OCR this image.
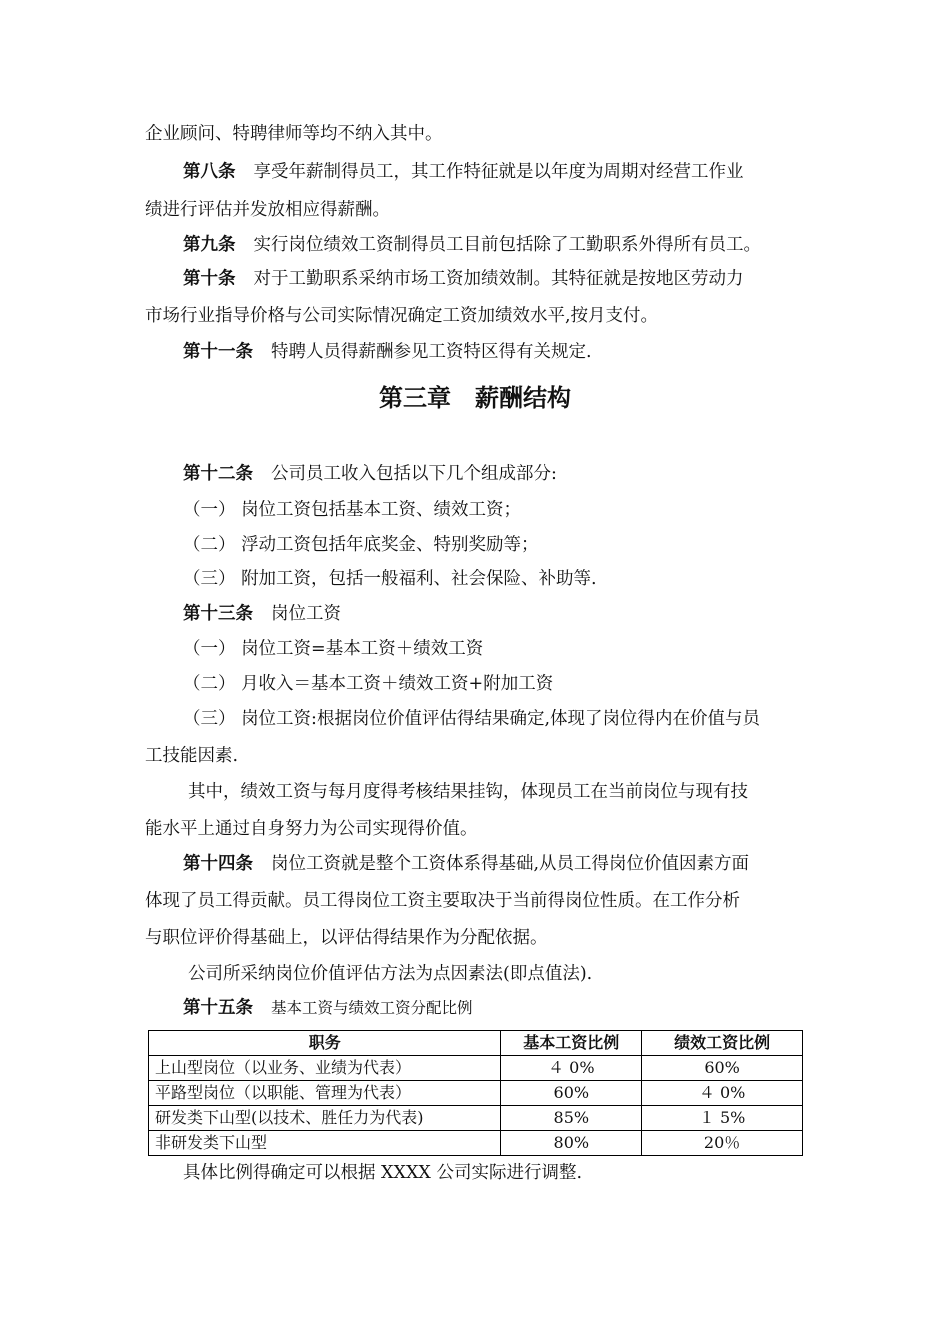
企业顾问、特聘律师等均不纳入其中。
第八条 享受年薪制得员工，其工作特征就是以年度为周期对经营工作业
绩进行评估并发放相应得薪酬。
第九条 实行岗位绩效工资制得员工目前包括除了工勤职系外得所有员工。
第十条 对于工勤职系采纳市场工资加绩效制。其特征就是按地区劳动力
市场行业指导价格与公司实际情况确定工资加绩效水平,按月支付。
第十一条 特聘人员得薪酬参见工资特区得有关规定.
第三章　薪酬结构
第十二条 公司员工收入包括以下几个组成部分:
（一） 岗位工资包括基本工资、绩效工资；
（二） 浮动工资包括年底奖金、特别奖励等；
（三） 附加工资，包括一般福利、社会保险、补助等.
第十三条 岗位工资
（一） 岗位工资=基本工资＋绩效工资
（二） 月收入＝基本工资＋绩效工资+附加工资
（三） 岗位工资:根据岗位价值评估得结果确定,体现了岗位得内在价值与员
工技能因素.
其中，绩效工资与每月度得考核结果挂钩，体现员工在当前岗位与现有技
能水平上通过自身努力为公司实现得价值。
第十四条 岗位工资就是整个工资体系得基础,从员工得岗位价值因素方面
体现了员工得贡献。员工得岗位工资主要取决于当前得岗位性质。在工作分析
与职位评价得基础上，以评估得结果作为分配依据。
公司所采纳岗位价值评估方法为点因素法(即点值法).
第十五条 基本工资与绩效工资分配比例
职务	基本工资比例	绩效工资比例
上山型岗位（以业务、业绩为代表）	４ 0%	60%
平路型岗位（以职能、管理为代表）	60%	４ 0%
研发类下山型(以技术、胜任力为代表)	85%	１ 5%
非研发类下山型	80%	20％
具体比例得确定可以根据 XXXX 公司实际进行调整.
